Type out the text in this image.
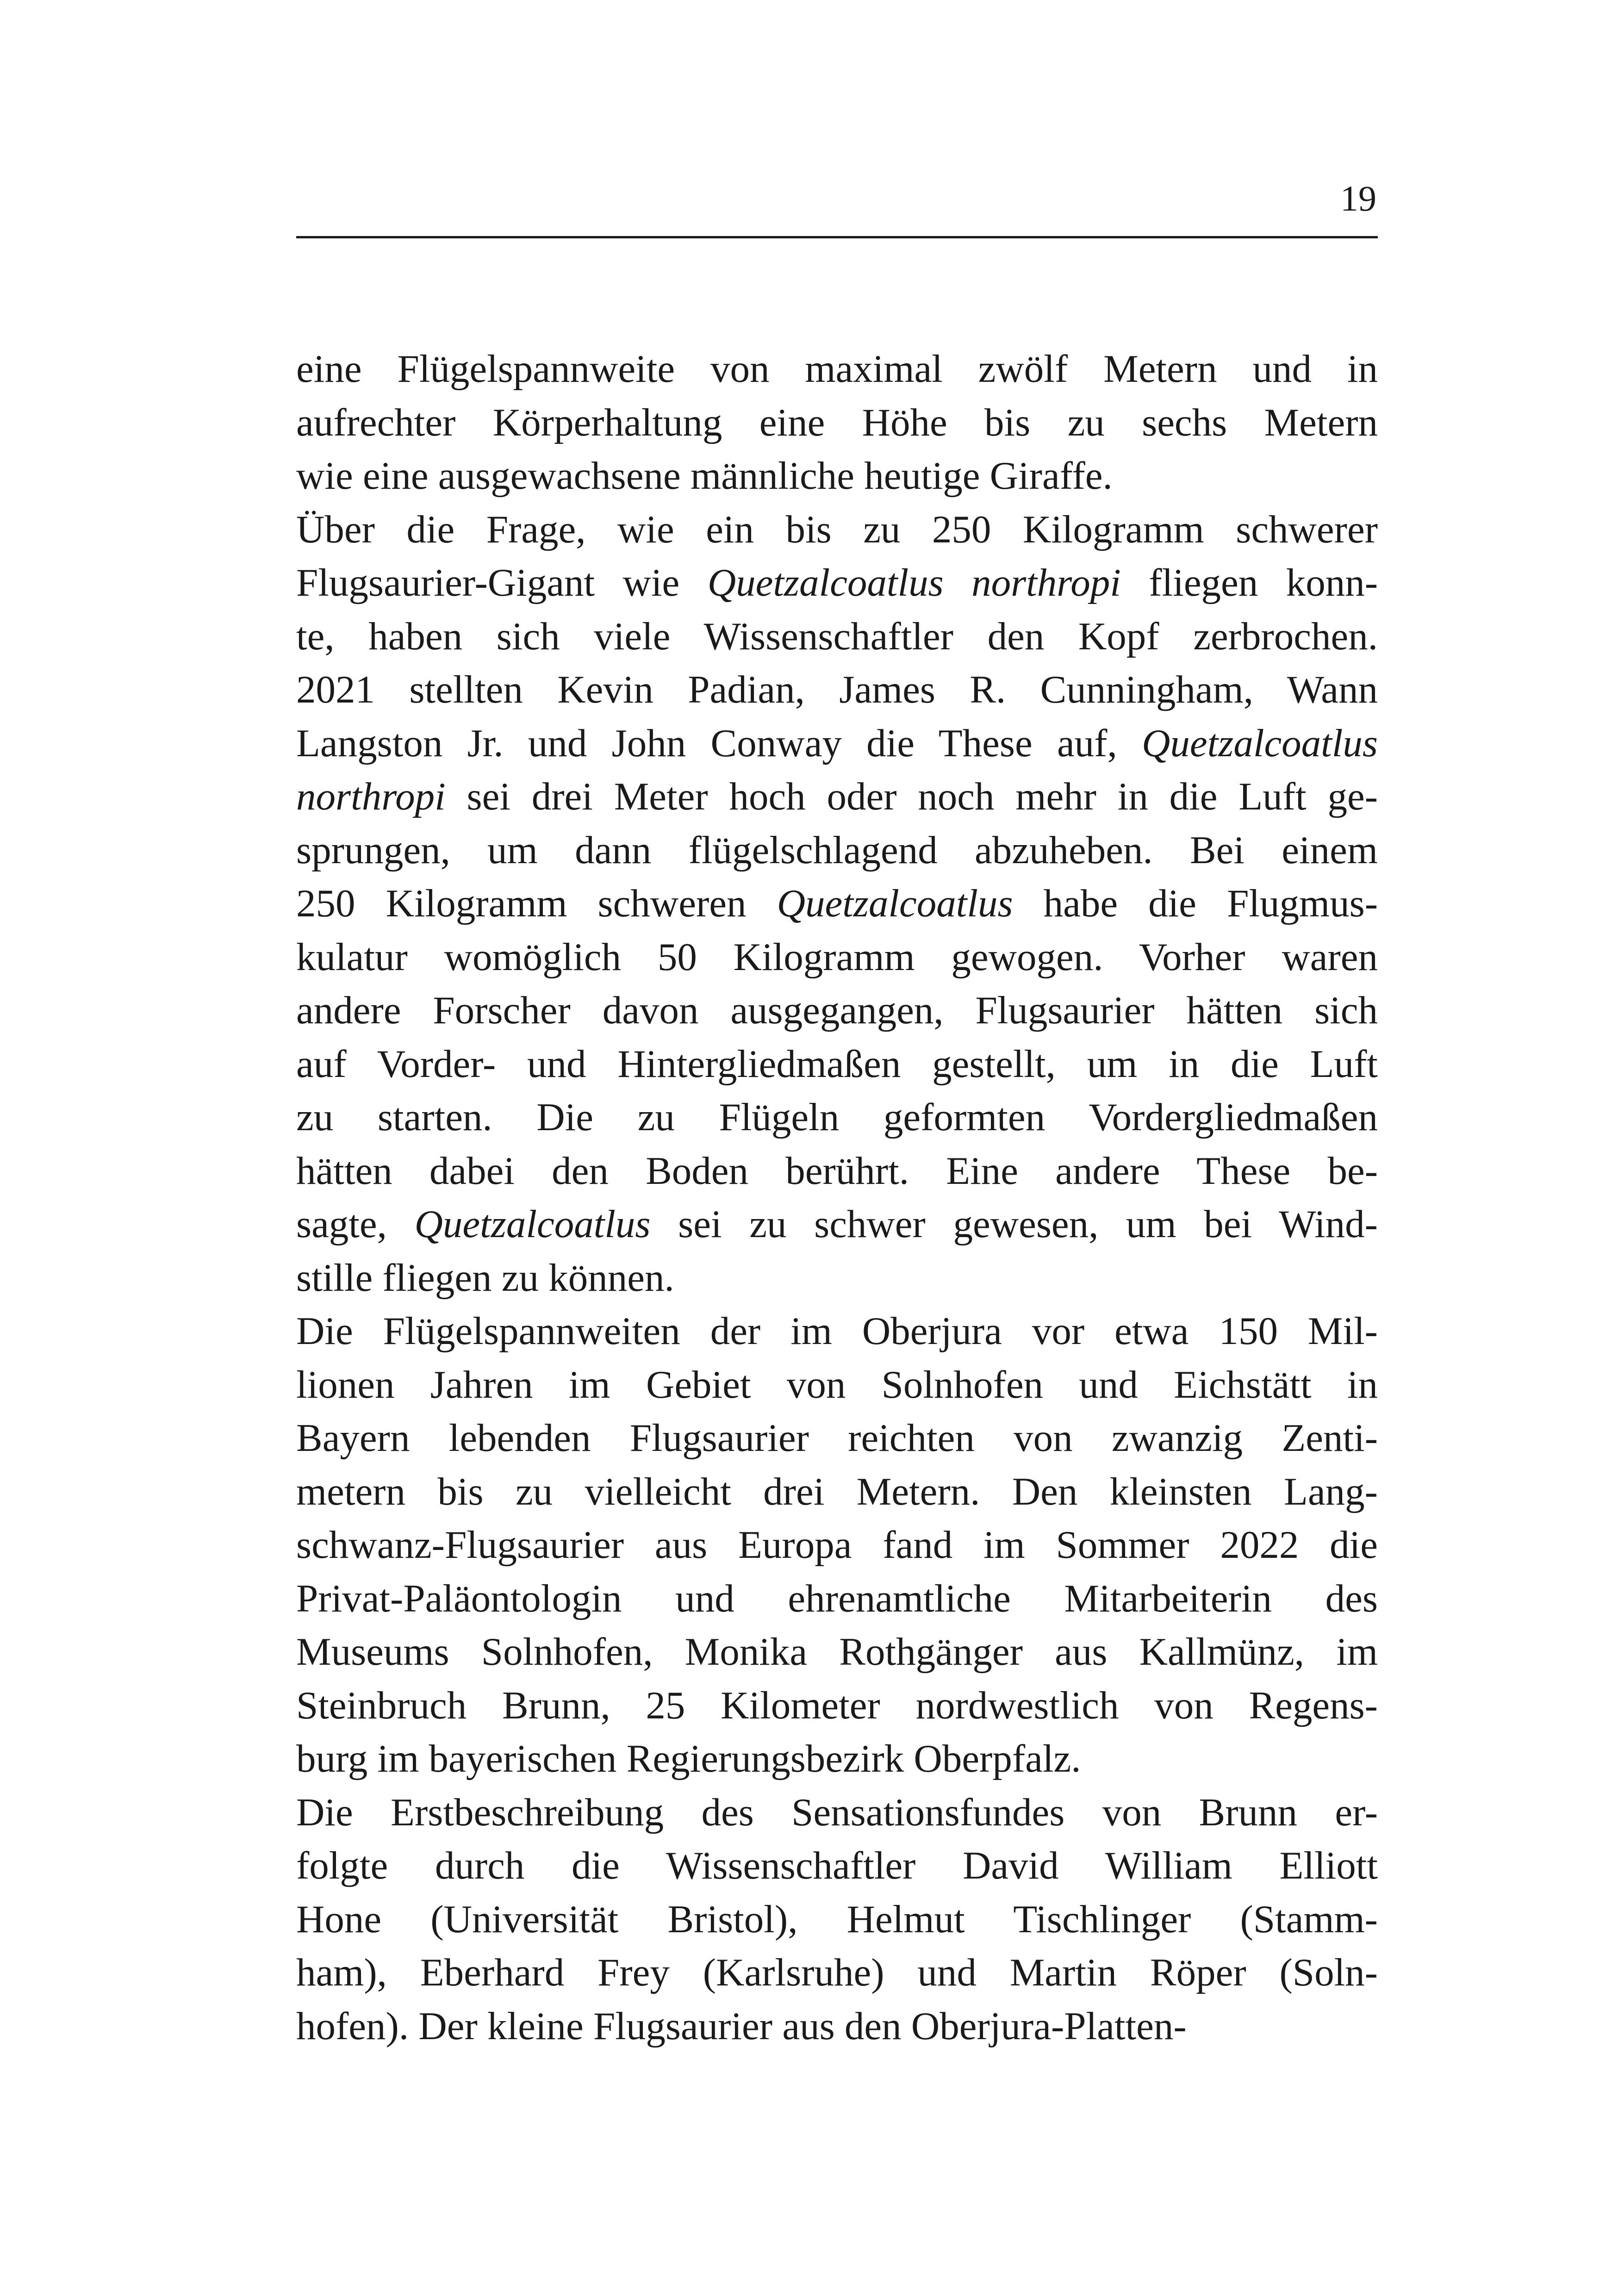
19
eine Flügelspannweite von maximal zwölf Metern und in
aufrechter Körperhaltung eine Höhe bis zu sechs Metern
wie eine ausgewachsene männliche heutige Giraffe.
Über die Frage, wie ein bis zu 250 Kilogramm schwerer
Flugsaurier-Gigant wie Quetzalcoatlus northropi fliegen konn-
te, haben sich viele Wissenschaftler den Kopf zerbrochen.
2021 stellten Kevin Padian, James R. Cunningham, Wann
Langston Jr. und John Conway die These auf, Quetzalcoatlus
northropi sei drei Meter hoch oder noch mehr in die Luft ge-
sprungen, um dann flügelschlagend abzuheben. Bei einem
250 Kilogramm schweren Quetzalcoatlus habe die Flugmus-
kulatur womöglich 50 Kilogramm gewogen. Vorher waren
andere Forscher davon ausgegangen, Flugsaurier hätten sich
auf Vorder- und Hintergliedmaßen gestellt, um in die Luft
zu starten. Die zu Flügeln geformten Vordergliedmaßen
hätten dabei den Boden berührt. Eine andere These be-
sagte, Quetzalcoatlus sei zu schwer gewesen, um bei Wind-
stille fliegen zu können.
Die Flügelspannweiten der im Oberjura vor etwa 150 Mil-
lionen Jahren im Gebiet von Solnhofen und Eichstätt in
Bayern lebenden Flugsaurier reichten von zwanzig Zenti-
metern bis zu vielleicht drei Metern. Den kleinsten Lang-
schwanz-Flugsaurier aus Europa fand im Sommer 2022 die
Privat-Paläontologin und ehrenamtliche Mitarbeiterin des
Museums Solnhofen, Monika Rothgänger aus Kallmünz, im
Steinbruch Brunn, 25 Kilometer nordwestlich von Regens-
burg im bayerischen Regierungsbezirk Oberpfalz.
Die Erstbeschreibung des Sensationsfundes von Brunn er-
folgte durch die Wissenschaftler David William Elliott
Hone (Universität Bristol), Helmut Tischlinger (Stamm-
ham), Eberhard Frey (Karlsruhe) und Martin Röper (Soln-
hofen). Der kleine Flugsaurier aus den Oberjura-Platten-
